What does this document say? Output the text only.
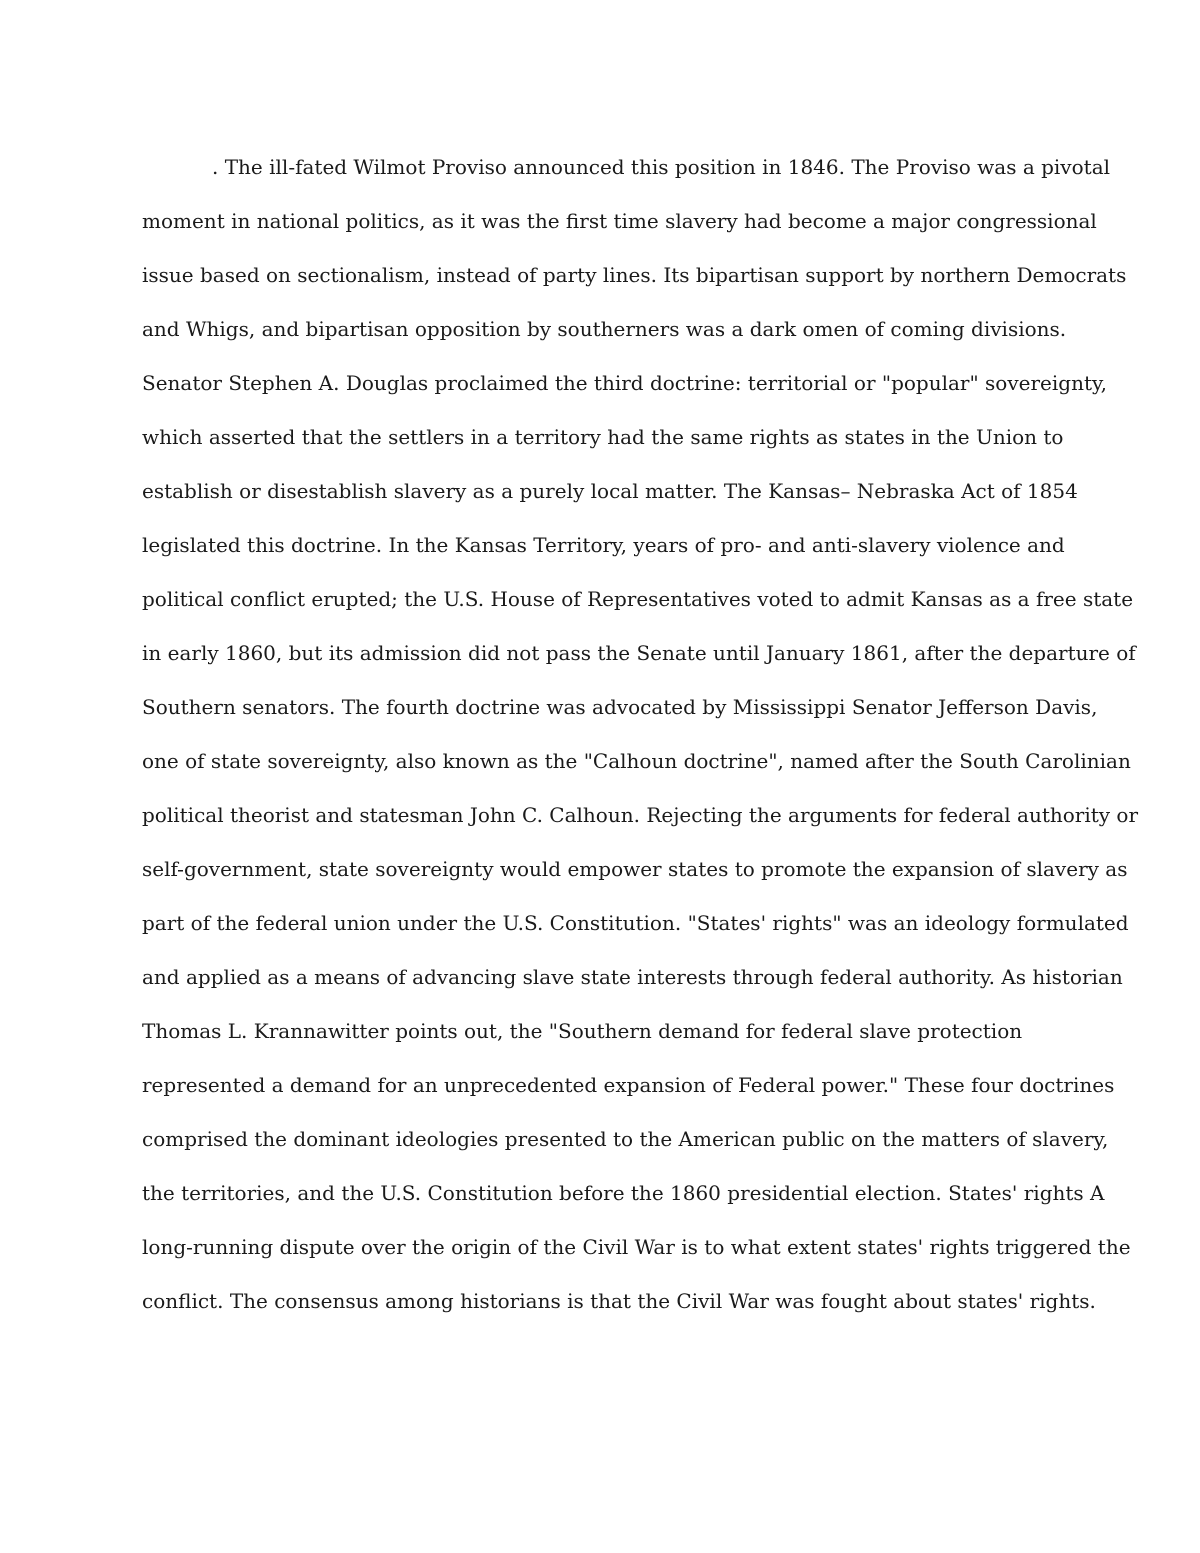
. The ill-fated Wilmot Proviso announced this position in 1846. The Proviso was a pivotal
moment in national politics, as it was the first time slavery had become a major congressional
issue based on sectionalism, instead of party lines. Its bipartisan support by northern Democrats
and Whigs, and bipartisan opposition by southerners was a dark omen of coming divisions.
Senator Stephen A. Douglas proclaimed the third doctrine: territorial or "popular" sovereignty,
which asserted that the settlers in a territory had the same rights as states in the Union to
establish or disestablish slavery as a purely local matter. The Kansas– Nebraska Act of 1854
legislated this doctrine. In the Kansas Territory, years of pro- and anti-slavery violence and
political conflict erupted; the U.S. House of Representatives voted to admit Kansas as a free state
in early 1860, but its admission did not pass the Senate until January 1861, after the departure of
Southern senators. The fourth doctrine was advocated by Mississippi Senator Jefferson Davis,
one of state sovereignty, also known as the "Calhoun doctrine", named after the South Carolinian
political theorist and statesman John C. Calhoun. Rejecting the arguments for federal authority or
self-government, state sovereignty would empower states to promote the expansion of slavery as
part of the federal union under the U.S. Constitution. "States' rights" was an ideology formulated
and applied as a means of advancing slave state interests through federal authority. As historian
Thomas L. Krannawitter points out, the "Southern demand for federal slave protection
represented a demand for an unprecedented expansion of Federal power." These four doctrines
comprised the dominant ideologies presented to the American public on the matters of slavery,
the territories, and the U.S. Constitution before the 1860 presidential election. States' rights A
long-running dispute over the origin of the Civil War is to what extent states' rights triggered the
conflict. The consensus among historians is that the Civil War was fought about states' rights.
